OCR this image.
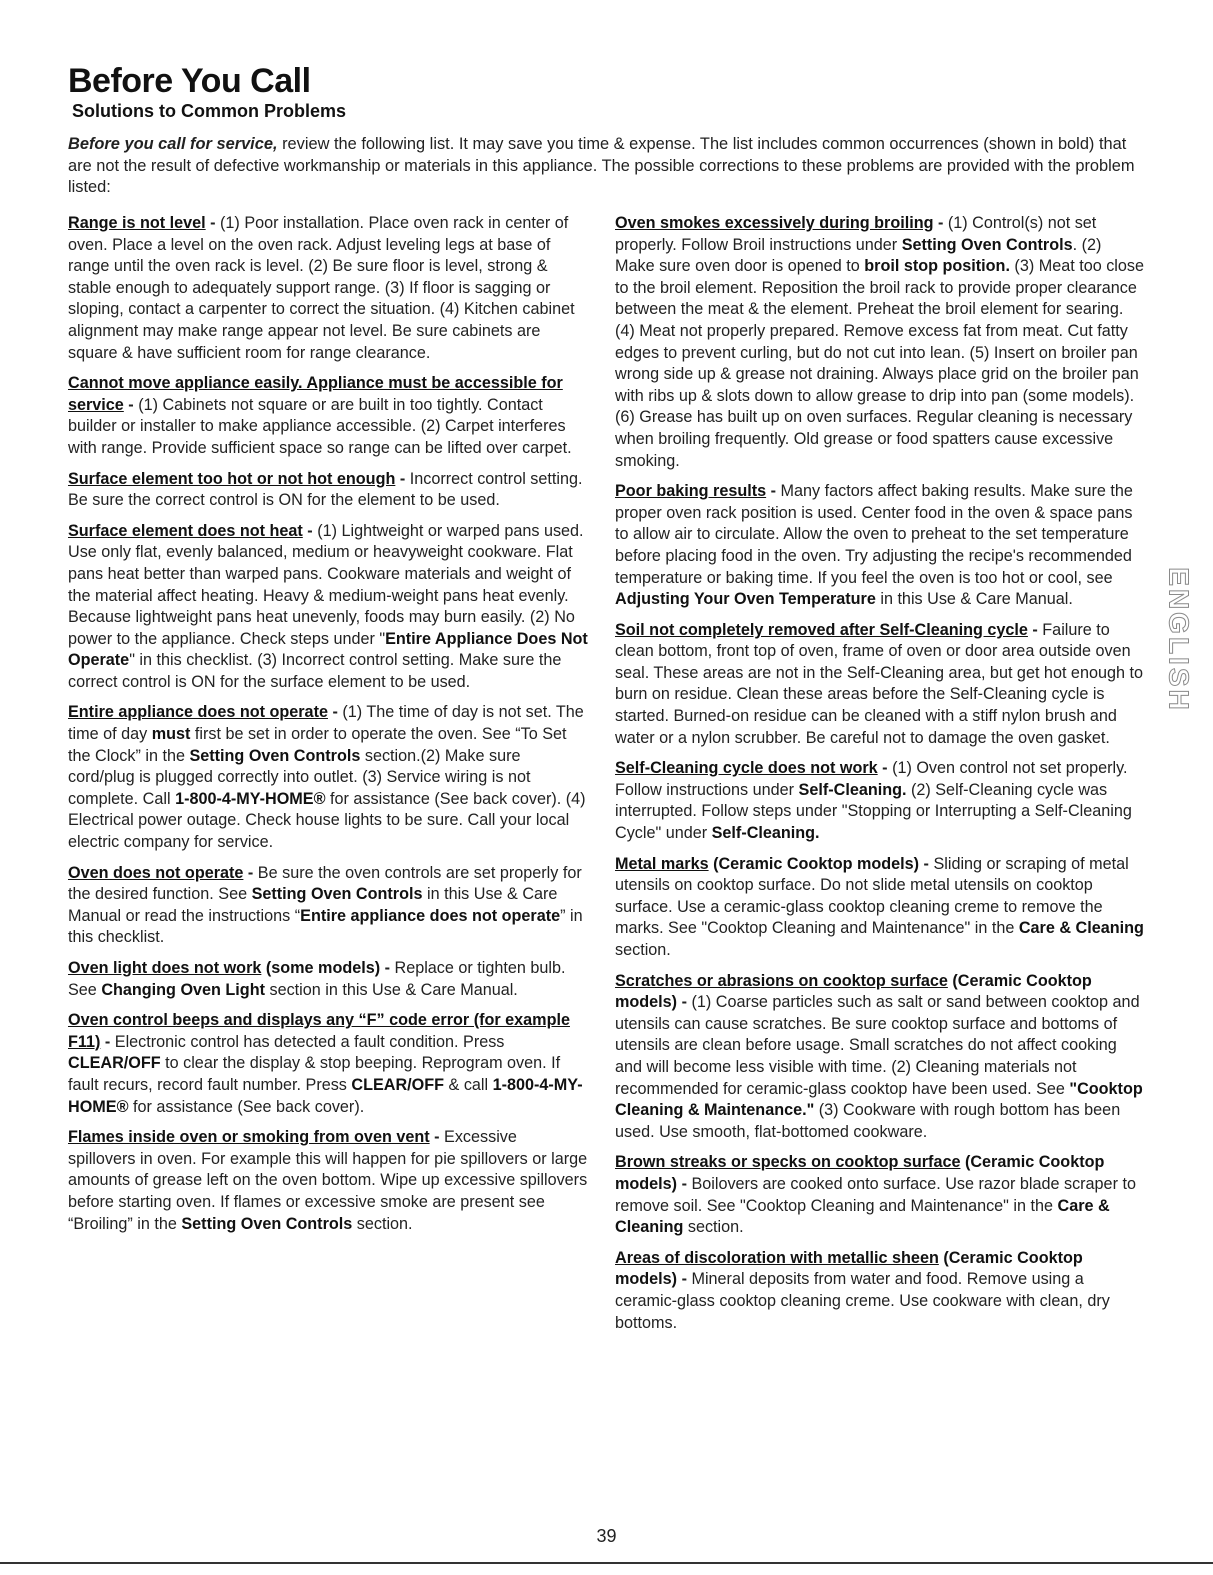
Before You Call
Solutions to Common Problems

Before you call for service, review the following list. It may save you time & expense. The list includes common occurrences (shown in bold) that are not the result of defective workmanship or materials in this appliance. The possible corrections to these problems are provided with the problem listed:

Range is not level - (1) Poor installation. Place oven rack in center of oven. Place a level on the oven rack. Adjust leveling legs at base of range until the oven rack is level. (2) Be sure floor is level, strong & stable enough to adequately support range. (3) If floor is sagging or sloping, contact a carpenter to correct the situation. (4) Kitchen cabinet alignment may make range appear not level. Be sure cabinets are square & have sufficient room for range clearance.

Cannot move appliance easily. Appliance must be accessible for service - (1) Cabinets not square or are built in too tightly. Contact builder or installer to make appliance accessible. (2) Carpet interferes with range. Provide sufficient space so range can be lifted over carpet.

Surface element too hot or not hot enough - Incorrect control setting. Be sure the correct control is ON for the element to be used.

Surface element does not heat - (1) Lightweight or warped pans used. Use only flat, evenly balanced, medium or heavyweight cookware. Flat pans heat better than warped pans. Cookware materials and weight of the material affect heating. Heavy & medium-weight pans heat evenly. Because lightweight pans heat unevenly, foods may burn easily. (2) No power to the appliance. Check steps under "Entire Appliance Does Not Operate" in this checklist. (3) Incorrect control setting. Make sure the correct control is ON for the surface element to be used.

Entire appliance does not operate - (1) The time of day is not set. The time of day must first be set in order to operate the oven. See “To Set the Clock” in the Setting Oven Controls section.(2) Make sure cord/plug is plugged correctly into outlet. (3) Service wiring is not complete. Call 1-800-4-MY-HOME® for assistance (See back cover). (4) Electrical power outage. Check house lights to be sure. Call your local electric company for service.

Oven does not operate - Be sure the oven controls are set properly for the desired function. See Setting Oven Controls in this Use & Care Manual or read the instructions “Entire appliance does not operate” in this checklist.

Oven light does not work (some models) - Replace or tighten bulb. See Changing Oven Light section in this Use & Care Manual.

Oven control beeps and displays any “F” code error (for example F11) - Electronic control has detected a fault condition. Press CLEAR/OFF to clear the display & stop beeping. Reprogram oven. If fault recurs, record fault number. Press CLEAR/OFF & call 1-800-4-MY-HOME® for assistance (See back cover).

Flames inside oven or smoking from oven vent - Excessive spillovers in oven. For example this will happen for pie spillovers or large amounts of grease left on the oven bottom. Wipe up excessive spillovers before starting oven. If flames or excessive smoke are present see “Broiling” in the Setting Oven Controls section.

Oven smokes excessively during broiling - (1) Control(s) not set properly. Follow Broil instructions under Setting Oven Controls. (2) Make sure oven door is opened to broil stop position. (3) Meat too close to the broil element. Reposition the broil rack to provide proper clearance between the meat & the element. Preheat the broil element for searing. (4) Meat not properly prepared. Remove excess fat from meat. Cut fatty edges to prevent curling, but do not cut into lean. (5) Insert on broiler pan wrong side up & grease not draining. Always place grid on the broiler pan with ribs up & slots down to allow grease to drip into pan (some models). (6) Grease has built up on oven surfaces. Regular cleaning is necessary when broiling frequently. Old grease or food spatters cause excessive smoking.

Poor baking results - Many factors affect baking results. Make sure the proper oven rack position is used. Center food in the oven & space pans to allow air to circulate. Allow the oven to preheat to the set temperature before placing food in the oven. Try adjusting the recipe's recommended temperature or baking time. If you feel the oven is too hot or cool, see Adjusting Your Oven Temperature in this Use & Care Manual.

Soil not completely removed after Self-Cleaning cycle - Failure to clean bottom, front top of oven, frame of oven or door area outside oven seal. These areas are not in the Self-Cleaning area, but get hot enough to burn on residue. Clean these areas before the Self-Cleaning cycle is started. Burned-on residue can be cleaned with a stiff nylon brush and water or a nylon scrubber. Be careful not to damage the oven gasket.

Self-Cleaning cycle does not work - (1) Oven control not set properly. Follow instructions under Self-Cleaning. (2) Self-Cleaning cycle was interrupted. Follow steps under "Stopping or Interrupting a Self-Cleaning Cycle" under Self-Cleaning.

Metal marks (Ceramic Cooktop models) - Sliding or scraping of metal utensils on cooktop surface. Do not slide metal utensils on cooktop surface. Use a ceramic-glass cooktop cleaning creme to remove the marks. See "Cooktop Cleaning and Maintenance" in the Care & Cleaning section.

Scratches or abrasions on cooktop surface (Ceramic Cooktop models) - (1) Coarse particles such as salt or sand between cooktop and utensils can cause scratches. Be sure cooktop surface and bottoms of utensils are clean before usage. Small scratches do not affect cooking and will become less visible with time. (2) Cleaning materials not recommended for ceramic-glass cooktop have been used. See "Cooktop Cleaning & Maintenance." (3) Cookware with rough bottom has been used. Use smooth, flat-bottomed cookware.

Brown streaks or specks on cooktop surface (Ceramic Cooktop models) - Boilovers are cooked onto surface. Use razor blade scraper to remove soil. See "Cooktop Cleaning and Maintenance" in the Care & Cleaning section.

Areas of discoloration with metallic sheen (Ceramic Cooktop models) - Mineral deposits from water and food. Remove using a ceramic-glass cooktop cleaning creme. Use cookware with clean, dry bottoms.

ENGLISH
39
